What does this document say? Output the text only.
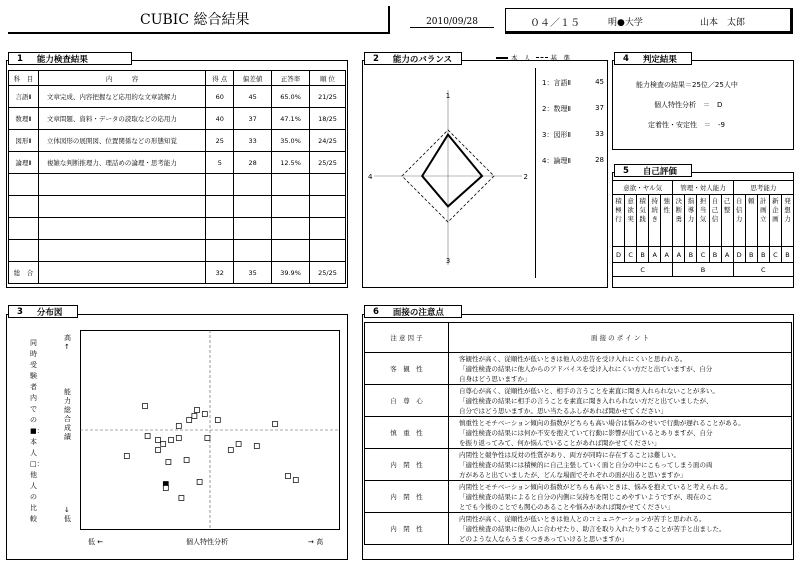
CUBIC 総合結果	2010/09/28	０４／１５	明●大学	山本　太郎
1 能力検査結果
科　目	内　　　容	得 点	偏差値	正答率	順 位
言語Ⅱ	文章完成、内容把握など応用的な文章読解力	60	45	65.0%	21/25
数理Ⅱ	文章問題、資料・データの読取などの応用力	40	37	47.1%	18/25
図形Ⅱ	立体図形の展開図、位置関係などの形態知覚	25	33	35.0%	24/25
論理Ⅱ	複雑な判断推理力、理詰めの論理・思考能力	5	28	12.5%	25/25

総　合		32	35	39.9%	25/25
2 能力のバランス	本　人	基　準
1
2
3
4
1：言語Ⅱ	45
2：数理Ⅱ	37
3：図形Ⅱ	33
4：論理Ⅱ	28
4 判定結果
能力検査の結果＝25位／25人中
個人特性分析　＝　D
定着性・安定性　＝　-9
5 自己評価
意欲・ヤル気					管理・対人能力					思考能力				
積極行	意欲実	積気践	持続き	強性	決断勇	指導力	担当気	自己信	己整	自信力	頼	計画立	新企画	発想力
D	C	B	A	A	A	B	C	B	A	D	B	B	C	B
C					B					C				
3 分布図
同時受験者内での■：本人□：他人の比較
高 ↑
能力総合成績
↓ 低
低 ←	個人特性分析	→ 高
6 面接の注意点
注 意 因 子	面 接 の ポ イ ン ト
客　観　性	客観性が高く、従順性が低いときは他人の忠告を受け入れにくいと思われる。
「適性検査の結果に他人からのアドバイスを受け入れにくい方だと出ていますが、自分
自身はどう思いますか」

自　尊　心	自尊心が高く、従順性が低いと、相手の言うことを素直に聞き入れられないことが多い。
「適性検査の結果に相手の言うことを素直に聞き入れられない方だと出ていましたが、
自分ではどう思いますか。思い当たるふしがあれば聞かせてください」

慎　重　性	慎重性とモチベーション傾向の指数がどちらも高い場合は悩みのせいで行動が遅れることがある。
「適性検査の結果には何か不安を抱えていて行動に影響が出ているとありますが、自分
を振り返ってみて、何か悩んでいることがあれば聞かせてください」

内　閉　性	内閉性と競争性は反対の性質があり、両方が同時に存在することは難しい。
「適性検査の結果には積極的に自己主張していく面と自分の中にこもってしまう面の両
方があると出ていましたが、どんな場面でそれぞれの面が出ると思いますか」

内　閉　性	内閉性とモチベーション傾向の指数がどちらも高いときは、悩みを抱えていると考えられる。
「適性検査の結果によると自分の内側に気持ちを閉じこめやすいようですが、現在のこ
とでも今後のことでも関心のあることや悩みがあれば聞かせてください」

内　閉　性	内閉性が高く、従順性が低いときは他人とのコミュニケーションが苦手と思われる。
「適性検査の結果に他の人に合わせたり、助言を取り入れたりすることが苦手と出ました。
どのような人ならうまくつきあっていけると思いますか」
